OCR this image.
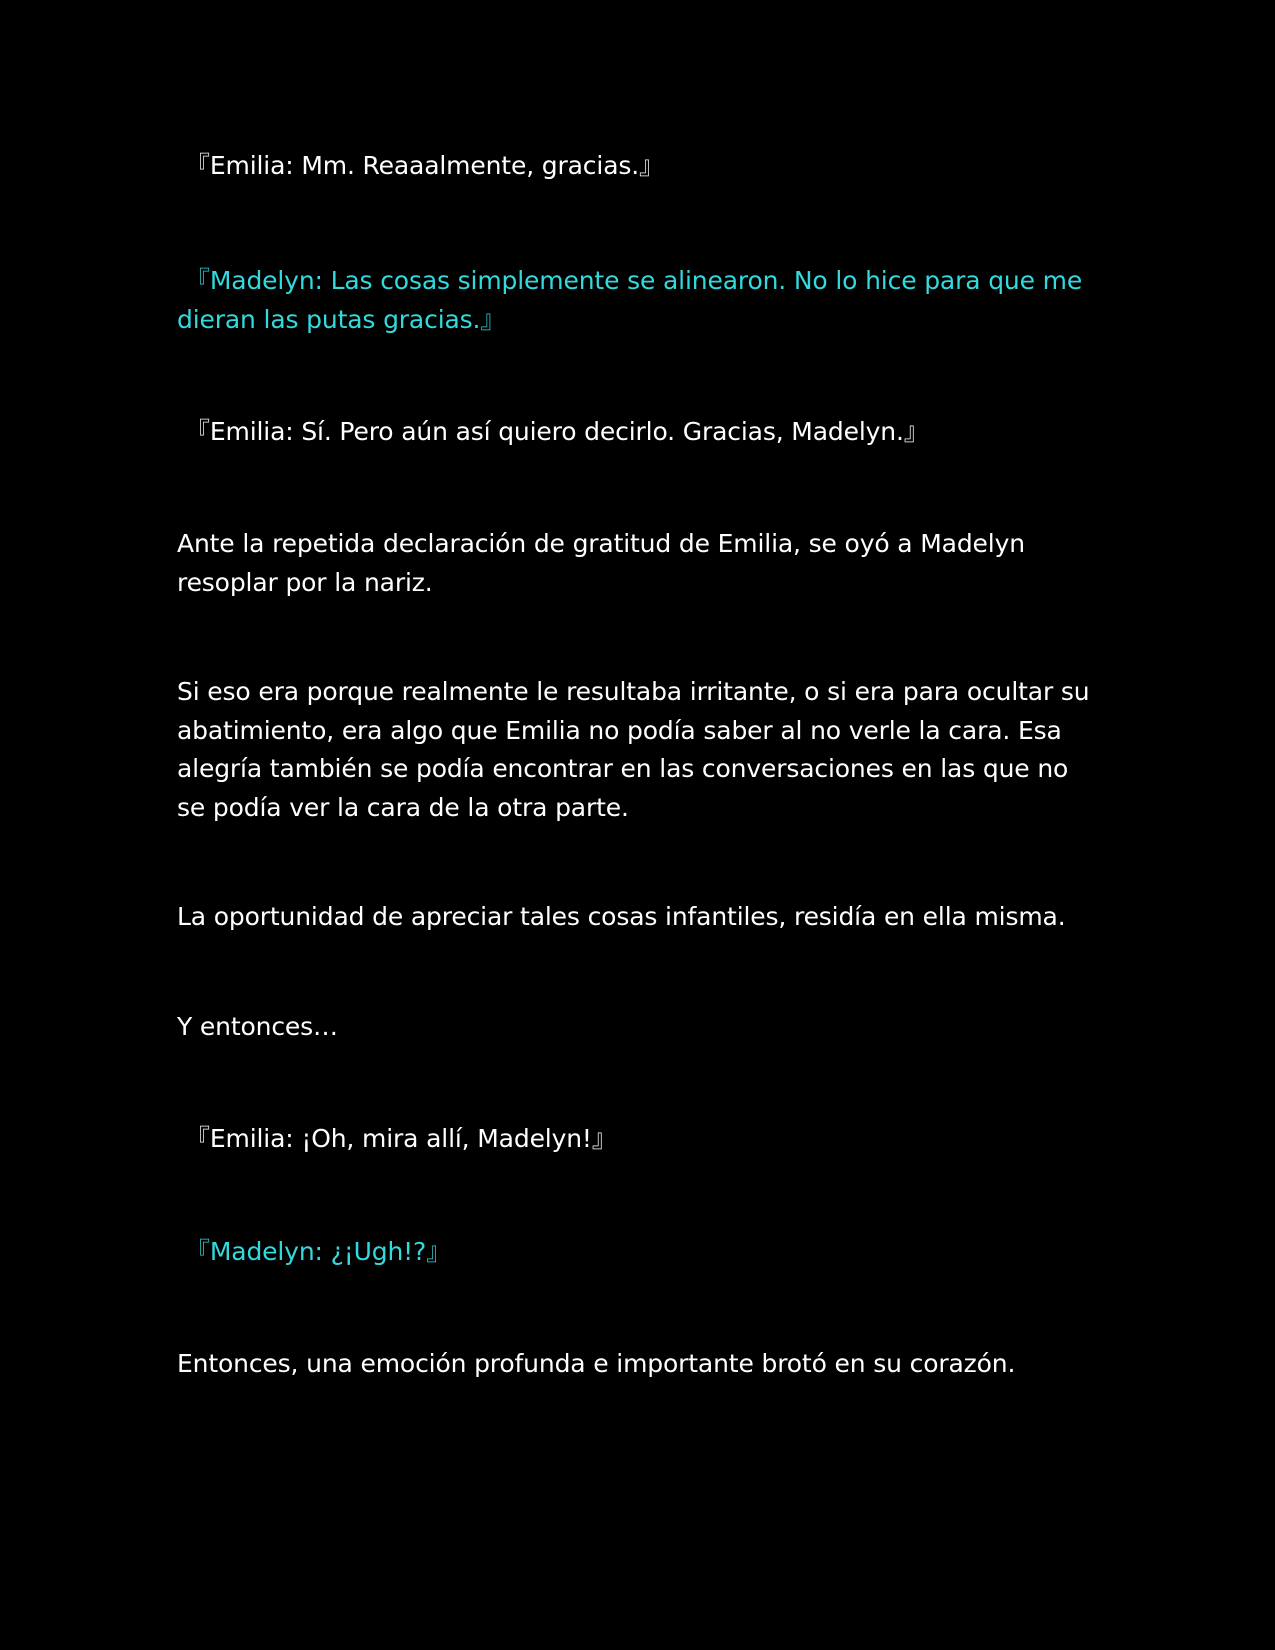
『Emilia: Mm. Reaaalmente, gracias.』

『Madelyn: Las cosas simplemente se alinearon. No lo hice para que me dieran las putas gracias.』

『Emilia: Sí. Pero aún así quiero decirlo. Gracias, Madelyn.』

Ante la repetida declaración de gratitud de Emilia, se oyó a Madelyn resoplar por la nariz.

Si eso era porque realmente le resultaba irritante, o si era para ocultar su abatimiento, era algo que Emilia no podía saber al no verle la cara. Esa alegría también se podía encontrar en las conversaciones en las que no se podía ver la cara de la otra parte.

La oportunidad de apreciar tales cosas infantiles, residía en ella misma.

Y entonces…

『Emilia: ¡Oh, mira allí, Madelyn!』

『Madelyn: ¿¡Ugh!?』

Entonces, una emoción profunda e importante brotó en su corazón.
